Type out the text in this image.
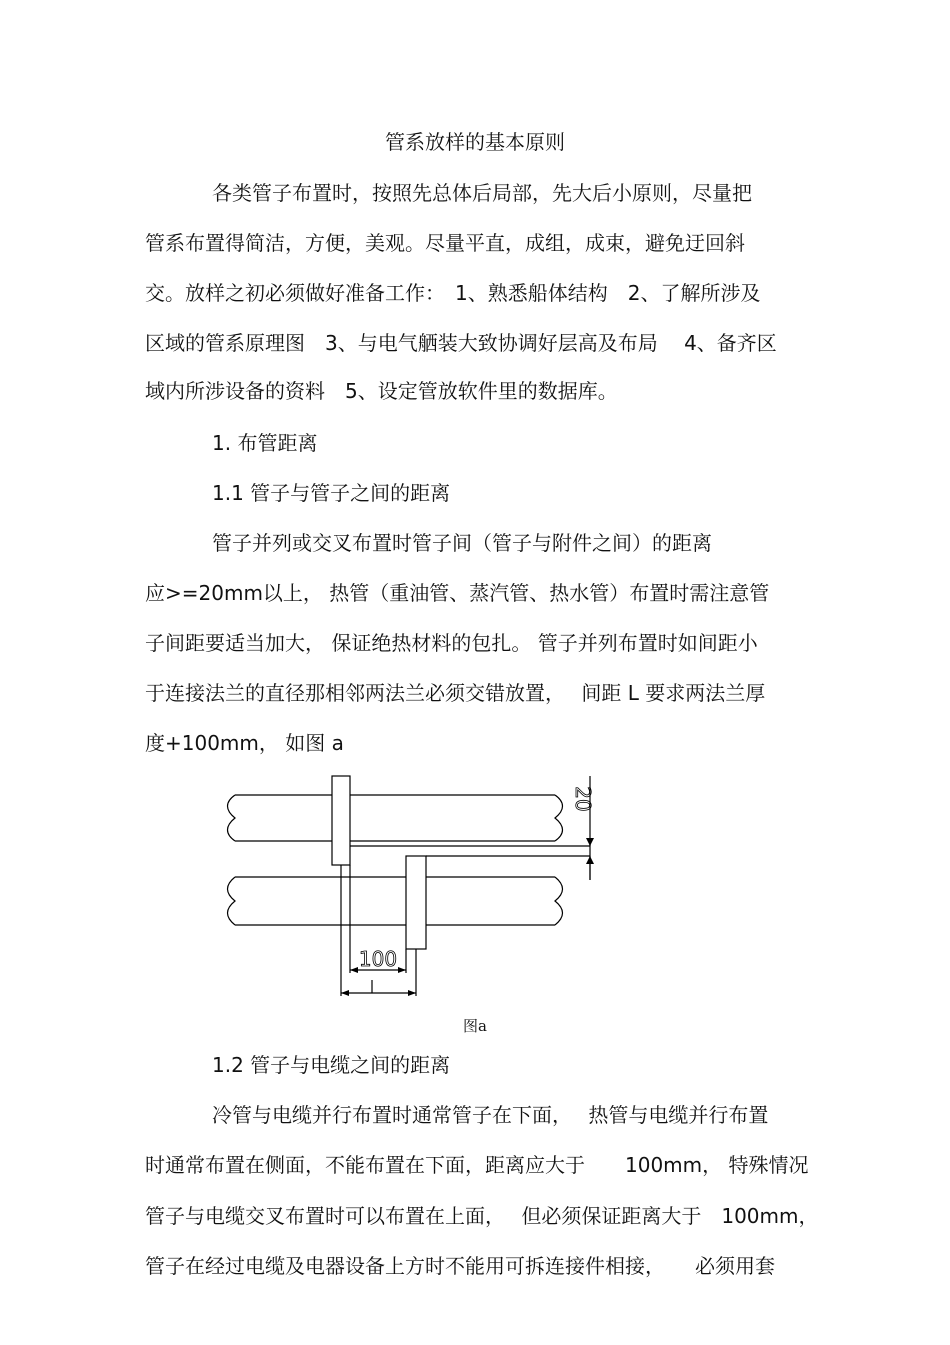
管系放样的基本原则
各类管子布置时，按照先总体后局部，先大后小原则，尽量把
管系布置得简洁，方便，美观。尽量平直，成组，成束，避免迂回斜
交。放样之初必须做好准备工作：　1、熟悉船体结构　2、了解所涉及
区域的管系原理图　3、与电气舾装大致协调好层高及布局　 4、备齐区
域内所涉设备的资料　5、设定管放软件里的数据库。
1. 布管距离
1.1 管子与管子之间的距离
管子并列或交叉布置时管子间（管子与附件之间）的距离
应>=20mm以上， 热管（重油管、蒸汽管、热水管）布置时需注意管
子间距要适当加大， 保证绝热材料的包扎。 管子并列布置时如间距小
于连接法兰的直径那相邻两法兰必须交错放置，　 间距 L 要求两法兰厚
度+100mm， 如图 a
20
100
图a
1.2 管子与电缆之间的距离
冷管与电缆并行布置时通常管子在下面，　 热管与电缆并行布置
时通常布置在侧面，不能布置在下面，距离应大于　　100mm， 特殊情况
管子与电缆交叉布置时可以布置在上面，　 但必须保证距离大于　100mm，
管子在经过电缆及电器设备上方时不能用可拆连接件相接，　　必须用套
